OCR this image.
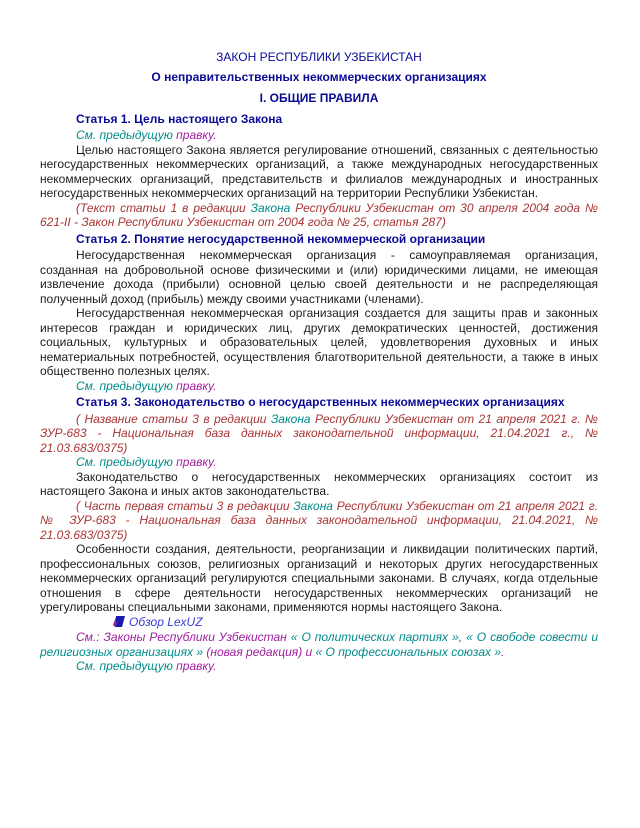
ЗАКОН РЕСПУБЛИКИ УЗБЕКИСТАН

О неправительственных некоммерческих организациях

I. ОБЩИЕ ПРАВИЛА

Статья 1. Цель настоящего Закона

См. предыдущую правку.

Целью настоящего Закона является регулирование отношений, связанных с деятельностью негосударственных некоммерческих организаций, а также международных негосударственных некоммерческих организаций, представительств и филиалов международных и иностранных негосударственных некоммерческих организаций на территории Республики Узбекистан.

(Текст статьи 1 в редакции Закона Республики Узбекистан от 30 апреля 2004 года № 621-II - Закон Республики Узбекистан от 2004 года № 25, статья 287)

Статья 2. Понятие негосударственной некоммерческой организации

Негосударственная некоммерческая организация - самоуправляемая организация, созданная на добровольной основе физическими и (или) юридическими лицами, не имеющая извлечение дохода (прибыли) основной целью своей деятельности и не распределяющая полученный доход (прибыль) между своими участниками (членами).

Негосударственная некоммерческая организация создается для защиты прав и законных интересов граждан и юридических лиц, других демократических ценностей, достижения социальных, культурных и образовательных целей, удовлетворения духовных и иных нематериальных потребностей, осуществления благотворительной деятельности, а также в иных общественно полезных целях.

См. предыдущую правку.

Статья 3. Законодательство о негосударственных некоммерческих организациях

( Название статьи 3 в редакции Закона Республики Узбекистан от 21 апреля 2021 г. № ЗУР-683 - Национальная база данных законодательной информации, 21.04.2021 г., № 21.03.683/0375)

См. предыдущую правку.

Законодательство о негосударственных некоммерческих организациях состоит из настоящего Закона и иных актов законодательства.

( Часть первая статьи 3 в редакции Закона Республики Узбекистан от 21 апреля 2021 г. № ЗУР-683 - Национальная база данных законодательной информации, 21.04.2021, № 21.03.683/0375)

Особенности создания, деятельности, реорганизации и ликвидации политических партий, профессиональных союзов, религиозных организаций и некоторых других негосударственных некоммерческих организаций регулируются специальными законами. В случаях, когда отдельные отношения в сфере деятельности негосударственных некоммерческих организаций не урегулированы специальными законами, применяются нормы настоящего Закона.

Обзор LexUZ

См.: Законы Республики Узбекистан « О политических партиях », « О свободе совести и религиозных организациях » (новая редакция) и « О профессиональных союзах ».

См. предыдущую правку.
